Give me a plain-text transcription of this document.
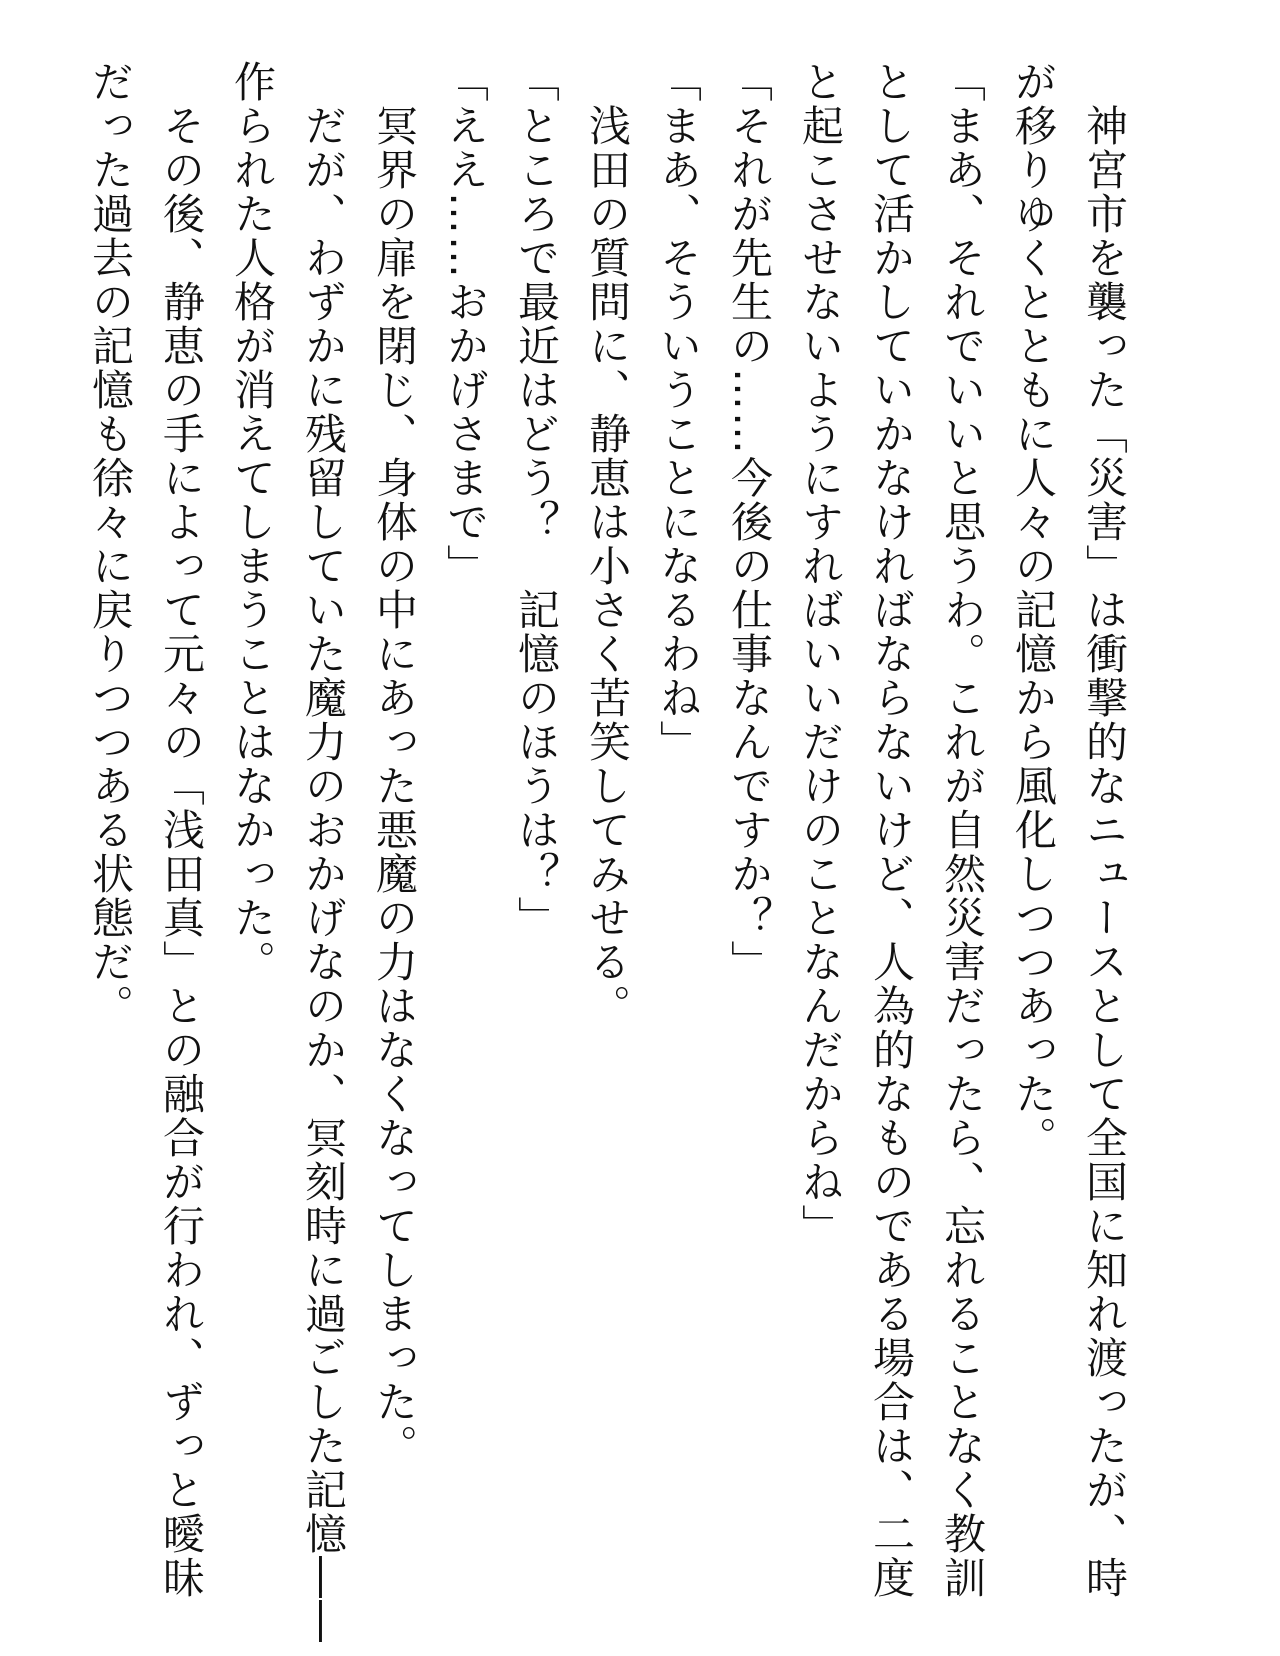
　神宮市を襲った「災害」は衝撃的なニュースとして全国に知れ渡ったが、時
が移りゆくとともに人々の記憶から風化しつつあった。
「まあ、それでいいと思うわ。これが自然災害だったら、忘れることなく教訓
として活かしていかなければならないけど、人為的なものである場合は、二度
と起こさせないようにすればいいだけのことなんだからね」
「それが先生の……今後の仕事なんですか？」
「まあ、そういうことになるわね」
　浅田の質問に、静恵は小さく苦笑してみせる。
「ところで最近はどう？　記憶のほうは？」
「ええ……おかげさまで」
　冥界の扉を閉じ、身体の中にあった悪魔の力はなくなってしまった。
　だが、わずかに残留していた魔力のおかげなのか、冥刻時に過ごした記憶――
作られた人格が消えてしまうことはなかった。
　その後、静恵の手によって元々の「浅田真」との融合が行われ、ずっと曖昧
だった過去の記憶も徐々に戻りつつある状態だ。
